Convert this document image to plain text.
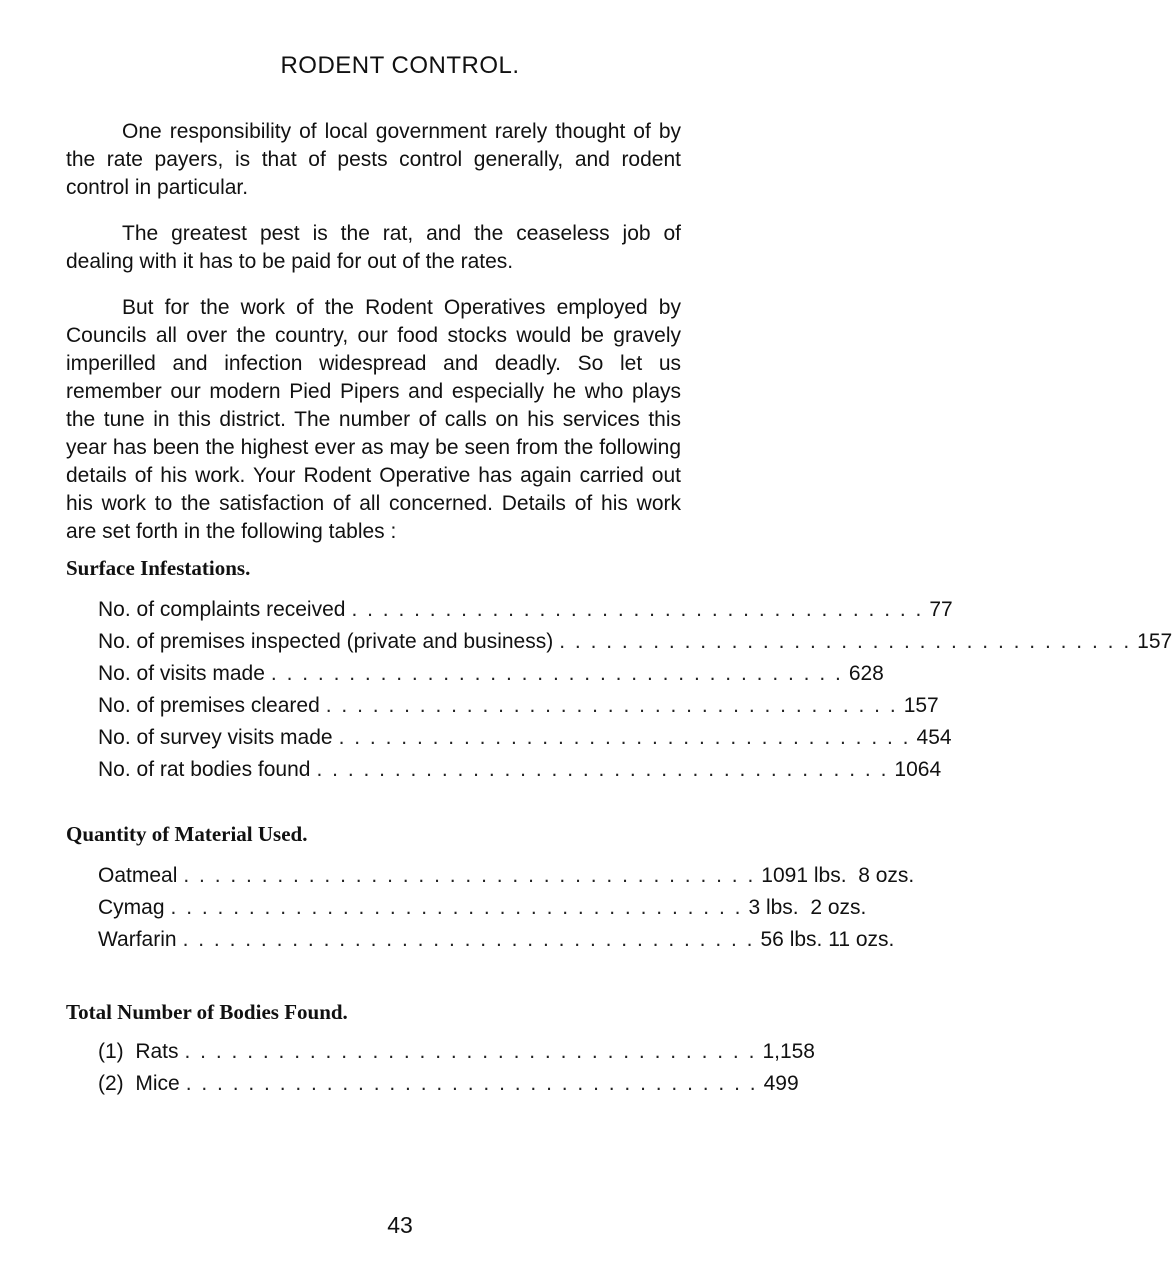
RODENT CONTROL.

One responsibility of local government rarely thought of by the rate payers, is that of pests control generally, and rodent control in particular.

The greatest pest is the rat, and the ceaseless job of dealing with it has to be paid for out of the rates.

But for the work of the Rodent Operatives employed by Councils all over the country, our food stocks would be gravely imperilled and infection widespread and deadly. So let us remember our modern Pied Pipers and especially he who plays the tune in this district. The number of calls on his services this year has been the highest ever as may be seen from the following details of his work. Your Rodent Operative has again carried out his work to the satisfaction of all concerned. Details of his work are set forth in the following tables :

Surface Infestations.
No. of complaints received . . . . . . . . . . . . . . . . . . . . . . . . . . . . . . . . . . . . . 77
No. of premises inspected (private and business) . . . . . . . . . . . . . . . . . . . . . . . . . . . . . . . . . . . . . 157
No. of visits made . . . . . . . . . . . . . . . . . . . . . . . . . . . . . . . . . . . . . 628
No. of premises cleared . . . . . . . . . . . . . . . . . . . . . . . . . . . . . . . . . . . . . 157
No. of survey visits made . . . . . . . . . . . . . . . . . . . . . . . . . . . . . . . . . . . . . 454
No. of rat bodies found . . . . . . . . . . . . . . . . . . . . . . . . . . . . . . . . . . . . . 1064
Quantity of Material Used.
Oatmeal . . . . . . . . . . . . . . . . . . . . . . . . . . . . . . . . . . . . . 1091 lbs.  8 ozs.
Cymag . . . . . . . . . . . . . . . . . . . . . . . . . . . . . . . . . . . . . 3 lbs.  2 ozs.
Warfarin . . . . . . . . . . . . . . . . . . . . . . . . . . . . . . . . . . . . . 56 lbs. 11 ozs.
Total Number of Bodies Found.
(1)  Rats . . . . . . . . . . . . . . . . . . . . . . . . . . . . . . . . . . . . . 1,158
(2)  Mice . . . . . . . . . . . . . . . . . . . . . . . . . . . . . . . . . . . . . 499
43
